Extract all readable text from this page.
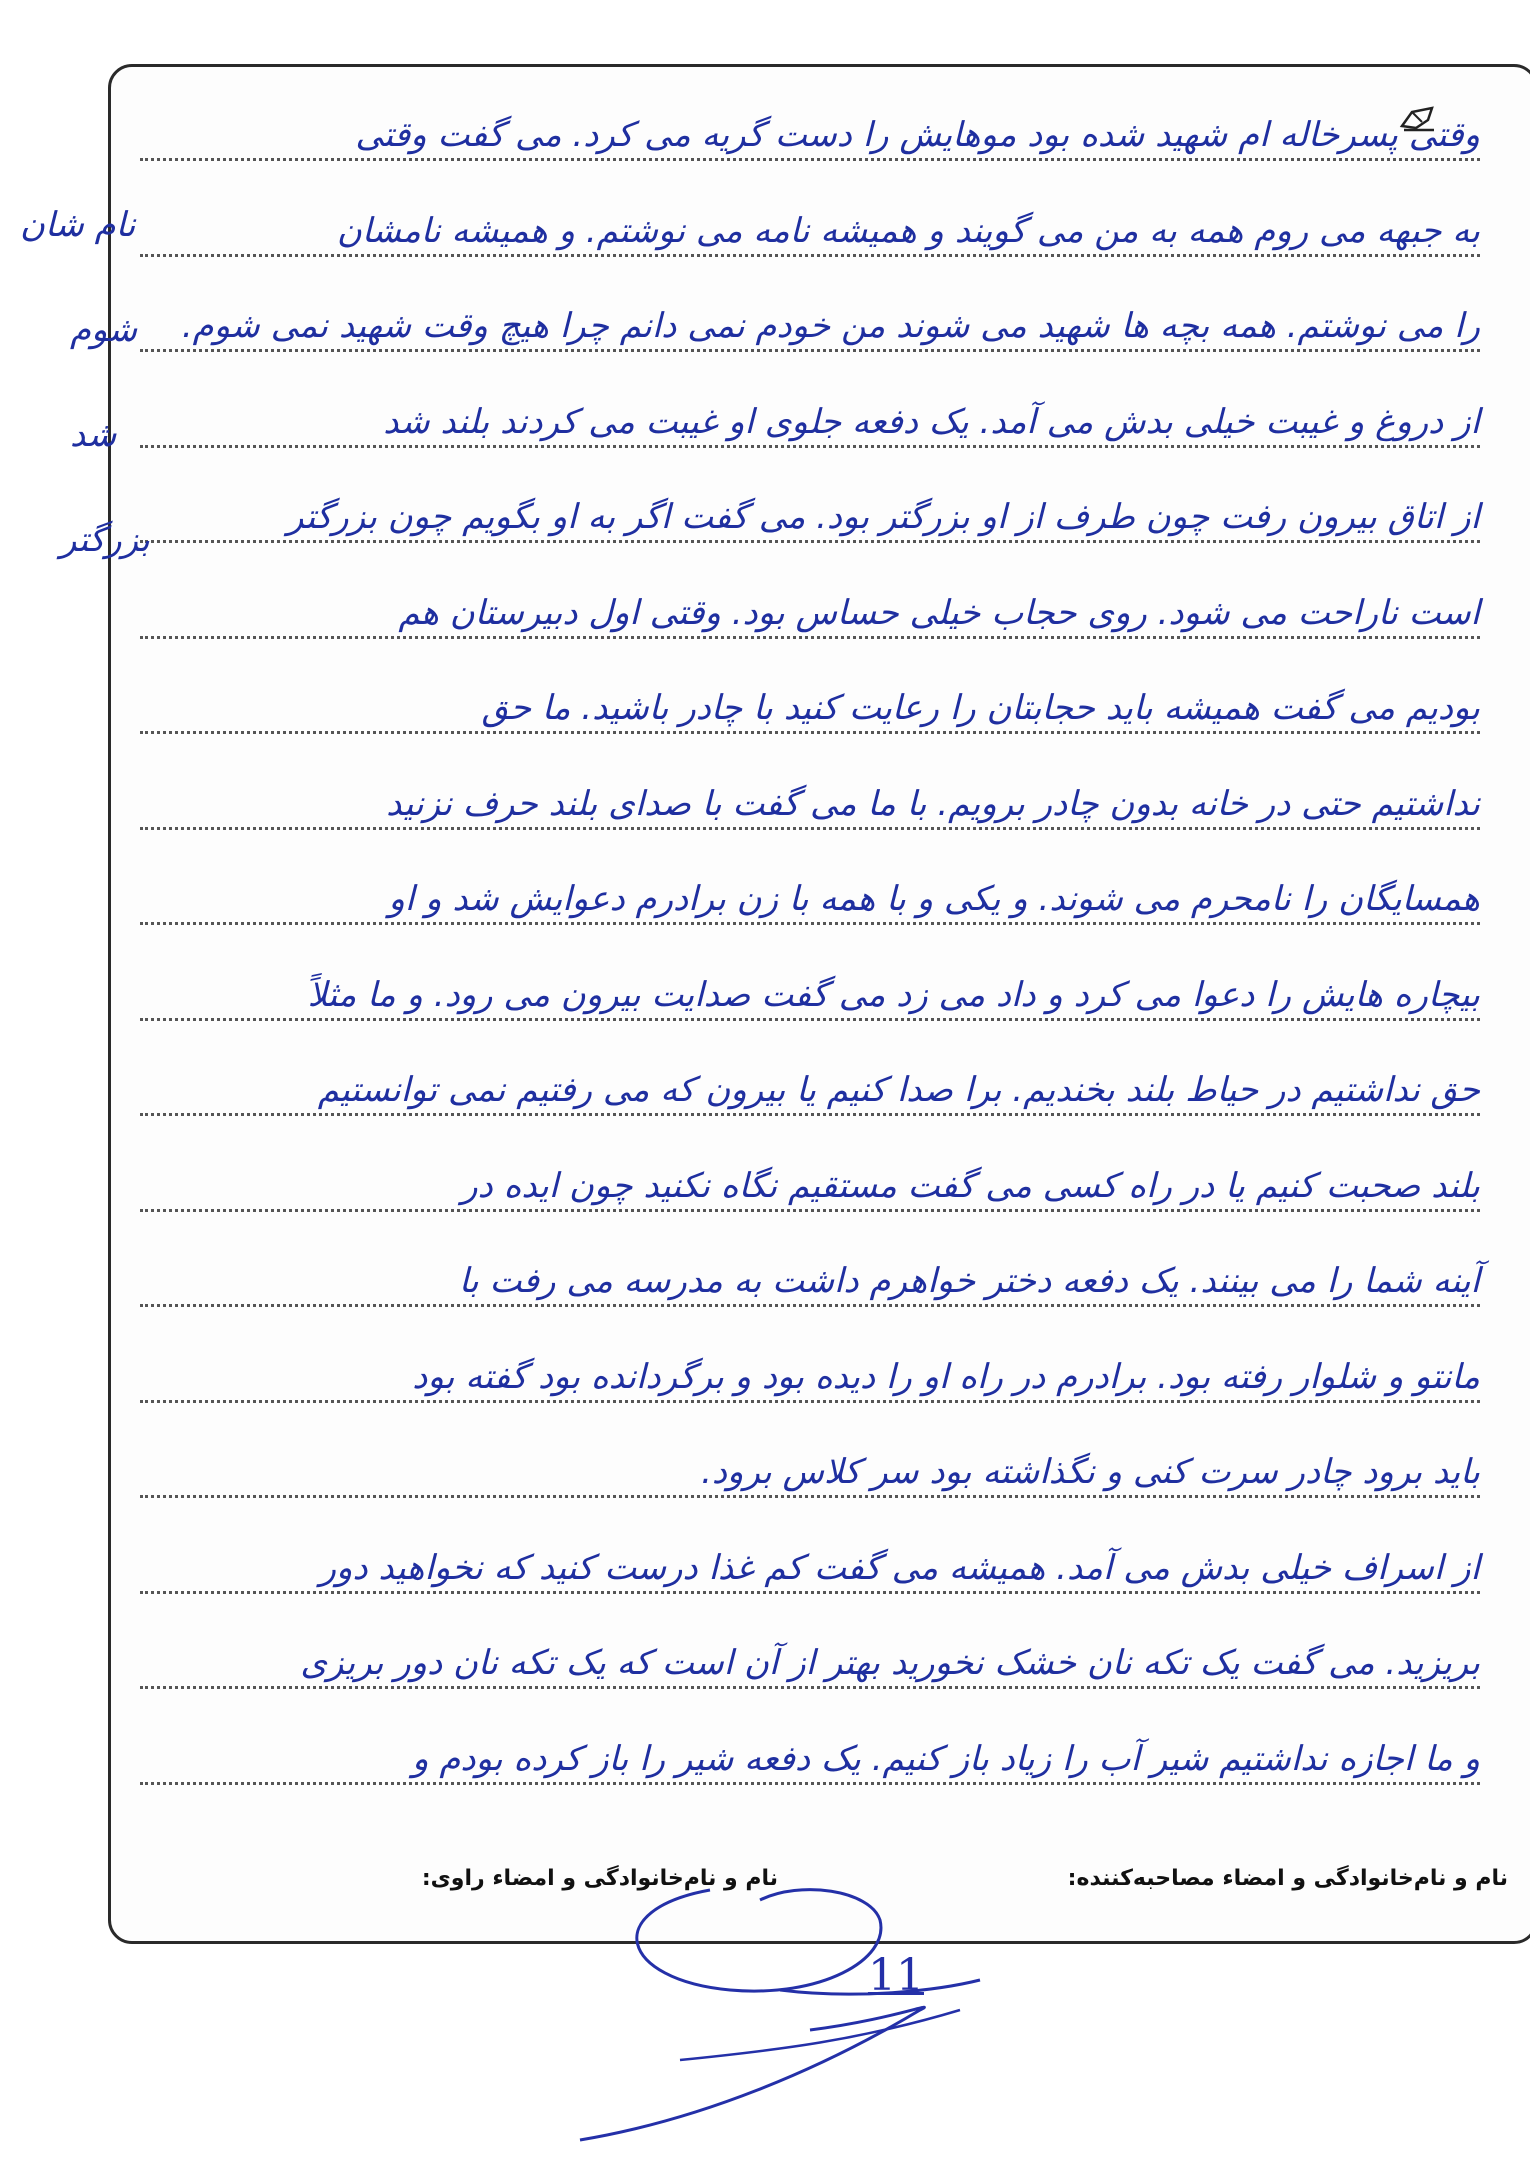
وقتی پسرخاله ام شهید شده بود موهایش را دست گریه می کرد. می گفت وقتی
به جبهه می روم همه به من می گویند و همیشه نامه می نوشتم. و همیشه نامشان
را می نوشتم. همه بچه ها شهید می شوند من خودم نمی دانم چرا هیچ وقت شهید نمی شوم.
از دروغ و غیبت خیلی بدش می آمد. یک دفعه جلوی او غیبت می کردند بلند شد
از اتاق بیرون رفت چون طرف از او بزرگتر بود. می گفت اگر به او بگویم چون بزرگتر
است ناراحت می شود. روی حجاب خیلی حساس بود. وقتی اول دبیرستان هم
بودیم می گفت همیشه باید حجابتان را رعایت کنید با چادر باشید. ما حق
نداشتیم حتی در خانه بدون چادر برویم. با ما می گفت با صدای بلند حرف نزنید
همسایگان را نامحرم می شوند. و یکی و با همه با زن برادرم دعوایش شد و او
بیچاره هایش را دعوا می کرد و داد می زد می گفت صدایت بیرون می رود. و ما مثلاً
حق نداشتیم در حیاط بلند بخندیم. برا صدا کنیم یا بیرون که می رفتیم نمی توانستیم
بلند صحبت کنیم یا در راه کسی می گفت مستقیم نگاه نکنید چون ایده در
آینه شما را می بینند. یک دفعه دختر خواهرم داشت به مدرسه می رفت با
مانتو و شلوار رفته بود. برادرم در راه او را دیده بود و برگردانده بود گفته بود
باید برود چادر سرت کنی و نگذاشته بود سر کلاس برود.
از اسراف خیلی بدش می آمد. همیشه می گفت کم غذا درست کنید که نخواهید دور
بریزید. می گفت یک تکه نان خشک نخورید بهتر از آن است که یک تکه نان دور بریزی
و ما اجازه نداشتیم شیر آب را زیاد باز کنیم. یک دفعه شیر را باز کرده بودم و
نام و نام‌خانوادگی و امضاء مصاحبه‌کننده:
نام و نام‌خانوادگی و امضاء راوی:
11
نام شان
شوم
شد
بزرگتر
